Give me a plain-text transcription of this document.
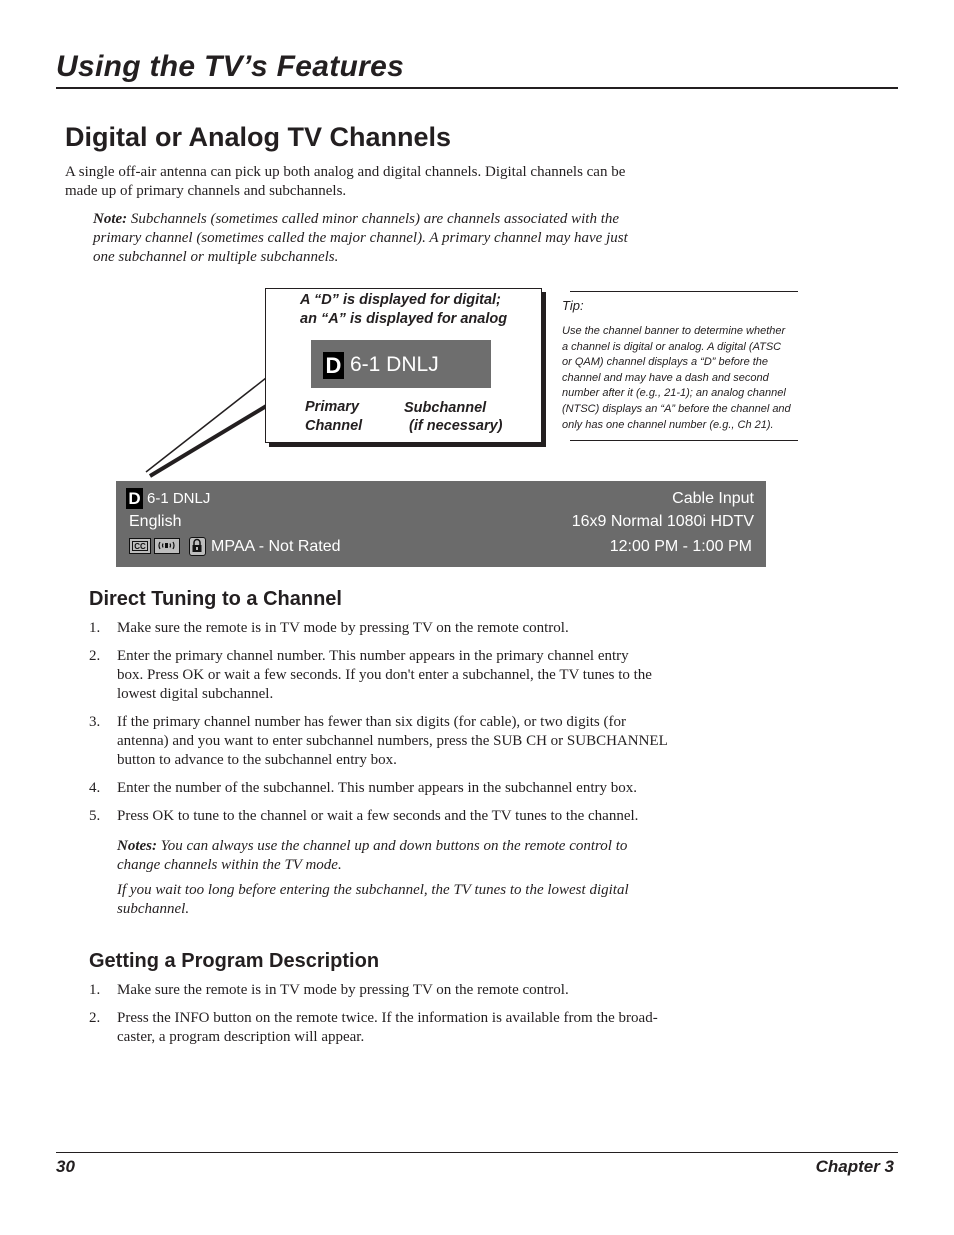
Using the TV’s Features
Digital or Analog TV Channels
A single off-air antenna can pick up both analog and digital channels. Digital channels can be
made up of primary channels and subchannels.
Note: Subchannels (sometimes called minor channels) are channels associated with the
primary channel (sometimes called the major channel). A primary channel may have just
one subchannel or multiple subchannels.
A “D” is displayed for digital;
an “A” is displayed for analog
D 6-1 DNLJ
Primary
Channel
Subchannel
(if necessary)
Tip:
Use the channel banner to determine whether
a channel is digital or analog. A digital (ATSC
or QAM) channel displays a “D” before the
channel and may have a dash and second
number after it (e.g., 21-1); an analog channel
(NTSC) displays an “A” before the channel and
only has one channel number (e.g., Ch 21).
D 6-1 DNLJ	Cable Input
English	16x9 Normal 1080i HDTV
CC	MPAA - Not Rated	12:00 PM - 1:00 PM
Direct Tuning to a Channel
1. Make sure the remote is in TV mode by pressing TV on the remote control.
2. Enter the primary channel number. This number appears in the primary channel entry
box. Press OK or wait a few seconds. If you don't enter a subchannel, the TV tunes to the
lowest digital subchannel.
3. If the primary channel number has fewer than six digits (for cable), or two digits (for
antenna) and you want to enter subchannel numbers, press the SUB CH or SUBCHANNEL
button to advance to the subchannel entry box.
4. Enter the number of the subchannel. This number appears in the subchannel entry box.
5. Press OK to tune to the channel or wait a few seconds and the TV tunes to the channel.
Notes: You can always use the channel up and down buttons on the remote control to
change channels within the TV mode.
If you wait too long before entering the subchannel, the TV tunes to the lowest digital
subchannel.
Getting a Program Description
1. Make sure the remote is in TV mode by pressing TV on the remote control.
2. Press the INFO button on the remote twice. If the information is available from the broad-
caster, a program description will appear.
30	Chapter 3
